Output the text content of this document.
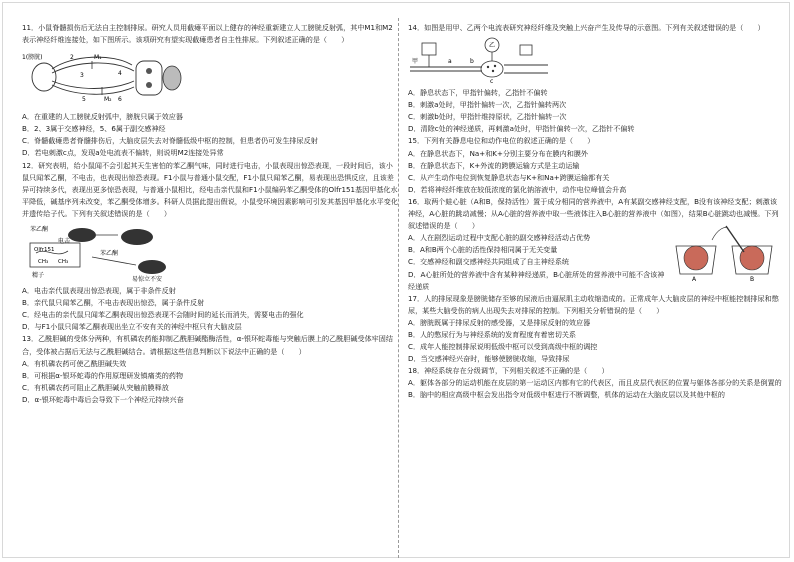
11．小鼠脊髓损伤后无法自主控制排尿。研究人员用截瘫平面以上健存的神经重新建立人工膀胱反射弧，其中M1和M2表示神经纤维连接处，如下图所示。该项研究有望实现截瘫患者自主性排尿。下列叙述正确的是（　　）

1(膀胱)	2
3
M₁
4
M₂
5	6

A．在重建的人工膀胱反射弧中，膀胱只属于效应器

B．2、3属于交感神经，5、6属于副交感神经

C．脊髓截瘫患者脊髓排伤后，大脑皮层失去对脊髓低级中枢的控制，但患者仍可发生排尿反射

D．若电刺激c点，发现a处电流表不偏转，则说明M2连接处异常

12．研究表明，给小鼠闻不会引起其天生害怕的苯乙酮气味，同时进行电击，小鼠表现出惊恐表现，一段时间后，该小鼠只闻苯乙酮，不电击，也表现出惊恐表现。F1小鼠与普通小鼠交配，F1小鼠只闻苯乙酮，易表现出恐惧反应，且该差异可持续多代，表现出更多惊恐表现，与普通小鼠相比，经电击亲代鼠和F1小鼠编码苯乙酮受体的Olfr151基因甲基化水平降低，碱基序列未改变，苯乙酮受体增多。科研人员据此提出假说，小鼠受环境因素影响可引发其基因甲基化水平变化并遗传给子代。下列有关叙述错误的是（　　）

苯乙酮
电击
Olfr151
CH₃ CH₃
精子
苯乙酮
易惊立不安

A．电击亲代鼠表现出惊恐表现，属于非条件反射

B．亲代鼠只闻苯乙酮，不电击表现出惊恐，属于条件反射

C．经电击的亲代鼠只闻苯乙酮表现出惊恐表现不会随时间的延长而消失，需要电击的强化

D．与F1小鼠只闻苯乙酮表现出坐立不安有关的神经中枢只有大脑皮层

13．乙酰胆碱的受体分两种，有机磷农药能抑制乙酰胆碱酯酶活性，α-银环蛇毒能与突触后膜上的乙酰胆碱受体牢固结合，受体被占据后无法与乙酰胆碱结合。请根据这些信息判断以下说法中正确的是（　　）

A．有机磷农药可使乙酰胆碱失效

B．可根据α-银环蛇毒的作用原理研发镇痛类的药物

C．有机磷农药可阻止乙酰胆碱从突触前膜释放

D．α-银环蛇毒中毒后会导致下一个神经元持续兴奋

14．如图是用甲、乙两个电流表研究神经纤维及突触上兴奋产生及传导的示意图。下列有关叙述错误的是（　　）

甲	a	b
乙
c

A．静息状态下，甲指针偏转，乙指针不偏转

B．刺激a处时，甲指针偏转一次，乙指针偏转两次

C．刺激b处时，甲指针维持原状，乙指针偏转一次

D．清除c处的神经递质，再刺激a处时，甲指针偏转一次，乙指针不偏转

15．下列有关静息电位和动作电位的叙述正确的是（　　）

A．在静息状态下，Na+和K+分别主要分布在膜内和膜外

B．在静息状态下，K+外流的跨膜运输方式是主动运输

C．从产生动作电位到恢复静息状态与K+和Na+跨膜运输都有关

D．若将神经纤维放在较低浓度的氯化钠溶液中，动作电位峰值会升高

16．取两个蛙心脏（A和B，保持活性）置于成分相同的营养液中，A有某副交感神经支配，B没有该神经支配；刺激该神经，A心脏的跳动减慢；从A心脏的营养液中取一些液体注入B心脏的营养液中（如图），结果B心脏跳动也减慢。下列叙述错误的是（　　）

A．人在剧烈运动过程中支配心脏的副交感神经活动占优势

B．A和B两个心脏的活性保持相同属于无关变量

C．交感神经和副交感神经共同组成了自主神经系统

D．A心脏所处的营养液中含有某种神经递质，B心脏所处的营养液中可能不含该神经递质

A	B

17．人的排尿现象是膀胱储存至够的尿液后由逼尿肌主动收缩造成的。正常成年人大脑皮层的神经中枢能控制排尿和憋尿，某些大脑受伤的病人出现失去对排尿的控制。下列相关分析错误的是（　　）

A．膀胱既属于排尿反射的感受器，又是排尿反射的效应器

B．人的憋尿行为与神经系统的发育程度有着密切关系

C．成年人能控制排尿说明低级中枢可以受到高级中枢的调控

D．当交感神经兴奋时，能够使膀胱收缩，导致排尿

18．神经系统存在分级调节，下列相关叙述不正确的是（　　）

A．躯体各部分的运动机能在皮层的第一运动区内都有它的代表区，而且皮层代表区的位置与躯体各部分的关系是倒置的

B．脑中的相应高级中枢会发出指令对低级中枢进行不断调整，机体的运动在大脑皮层以及其他中枢的
